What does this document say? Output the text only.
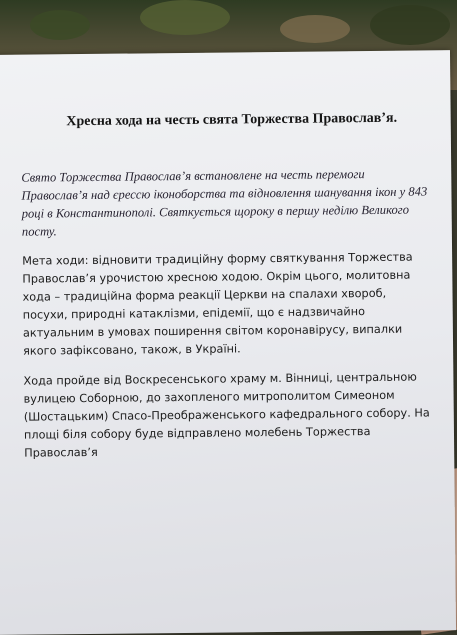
Хресна хода на честь свята Торжества Православ’я.

Свято Торжества Православ’я встановлене на честь перемоги Православ’я над єрессю іконоборства та відновлення шанування ікон у 843 році в Константинополі. Святкується щороку в першу неділю Великого посту.

Мета ходи: відновити традиційну форму святкування Торжества Православ’я урочистою хресною ходою. Окрім цього, молитовна хода – традиційна форма реакції Церкви на спалахи хвороб, посухи, природні катаклізми, епідемії, що є надзвичайно актуальним в умовах поширення світом коронавірусу, випалки якого зафіксовано, також, в Україні.

Хода пройде від Воскресенського храму м. Вінниці, центральною вулицею Соборною, до захопленого митрополитом Симеоном (Шостацьким) Спасо-Преображенського кафедрального собору. На площі біля собору буде відправлено молебень Торжества Православ’я
